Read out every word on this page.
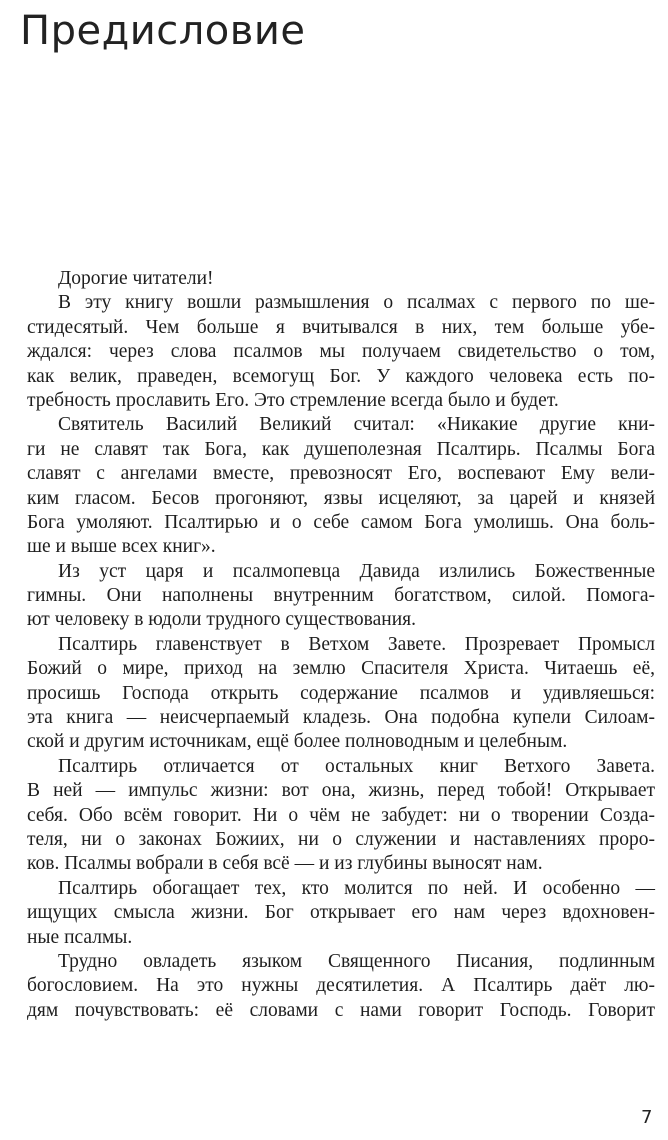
Предисловие
Дорогие читатели!
В эту книгу вошли размышления о псалмах с первого по ше-
стидесятый. Чем больше я вчитывался в них, тем больше убе-
ждался: через слова псалмов мы получаем свидетельство о том,
как велик, праведен, всемогущ Бог. У каждого человека есть по-
требность прославить Его. Это стремление всегда было и будет.
Святитель Василий Великий считал: «Никакие другие кни-
ги не славят так Бога, как душеполезная Псалтирь. Псалмы Бога
славят с ангелами вместе, превозносят Его, воспевают Ему вели-
ким гласом. Бесов прогоняют, язвы исцеляют, за царей и князей
Бога умоляют. Псалтирью и о себе самом Бога умолишь. Она боль-
ше и выше всех книг».
Из уст царя и псалмопевца Давида излились Божественные
гимны. Они наполнены внутренним богатством, силой. Помога-
ют человеку в юдоли трудного существования.
Псалтирь главенствует в Ветхом Завете. Прозревает Промысл
Божий о мире, приход на землю Спасителя Христа. Читаешь её,
просишь Господа открыть содержание псалмов и удивляешься:
эта книга — неисчерпаемый кладезь. Она подобна купели Силоам-
ской и другим источникам, ещё более полноводным и целебным.
Псалтирь отличается от остальных книг Ветхого Завета.
В ней — импульс жизни: вот она, жизнь, перед тобой! Открывает
себя. Обо всём говорит. Ни о чём не забудет: ни о творении Созда-
теля, ни о законах Божиих, ни о служении и наставлениях проро-
ков. Псалмы вобрали в себя всё — и из глубины выносят нам.
Псалтирь обогащает тех, кто молится по ней. И особенно —
ищущих смысла жизни. Бог открывает его нам через вдохновен-
ные псалмы.
Трудно овладеть языком Священного Писания, подлинным
богословием. На это нужны десятилетия. А Псалтирь даёт лю-
дям почувствовать: её словами с нами говорит Господь. Говорит
7
